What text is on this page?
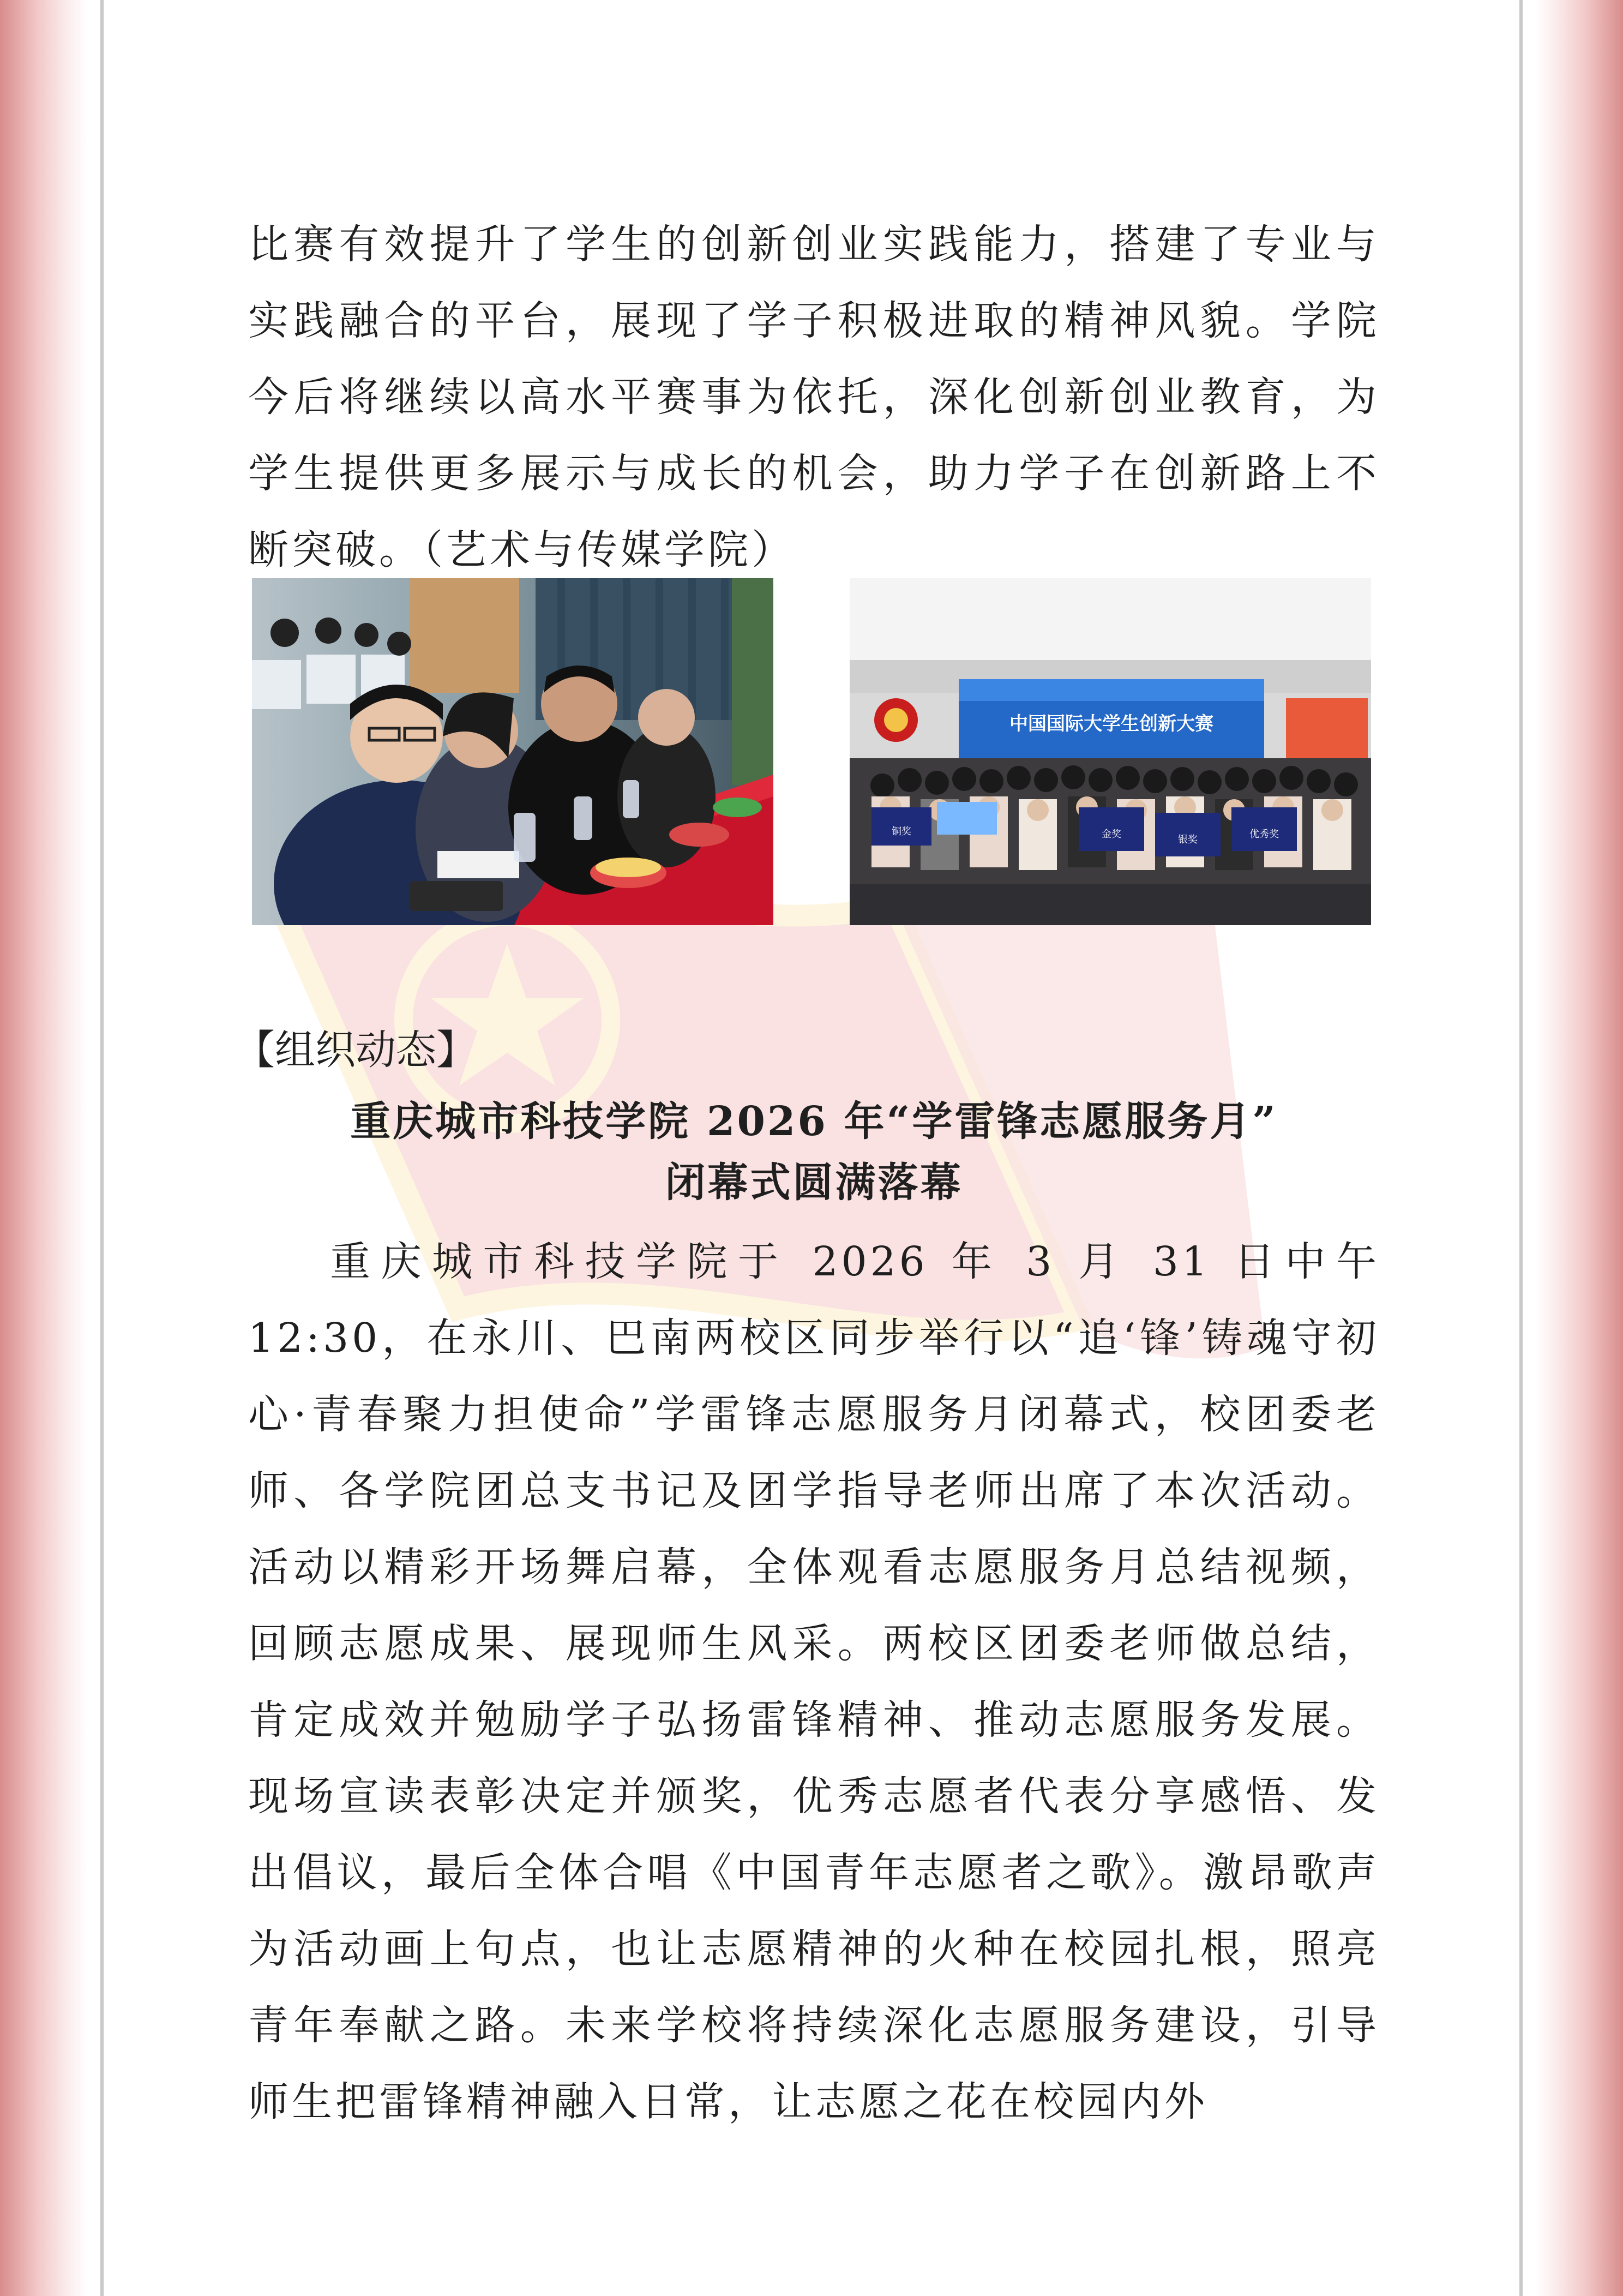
比赛有效提升了学生的创新创业实践能力，搭建了专业与实践融合的平台，展现了学子积极进取的精神风貌。学院今后将继续以高水平赛事为依托，深化创新创业教育，为学生提供更多展示与成长的机会，助力学子在创新路上不断突破。（艺术与传媒学院）
中国国际大学生创新大赛
铜奖	金奖	银奖	优秀奖
【组织动态】
重庆城市科技学院 2026 年“学雷锋志愿服务月”
闭幕式圆满落幕
重庆城市科技学院于 2026 年 3 月 31 日中午 12:30，在永川、巴南两校区同步举行以“追‘锋’铸魂守初心·青春聚力担使命”学雷锋志愿服务月闭幕式，校团委老师、各学院团总支书记及团学指导老师出席了本次活动。活动以精彩开场舞启幕，全体观看志愿服务月总结视频，回顾志愿成果、展现师生风采。两校区团委老师做总结，肯定成效并勉励学子弘扬雷锋精神、推动志愿服务发展。现场宣读表彰决定并颁奖，优秀志愿者代表分享感悟、发出倡议，最后全体合唱《中国青年志愿者之歌》。激昂歌声为活动画上句点，也让志愿精神的火种在校园扎根，照亮青年奉献之路。未来学校将持续深化志愿服务建设，引导师生把雷锋精神融入日常，让志愿之花在校园内外
